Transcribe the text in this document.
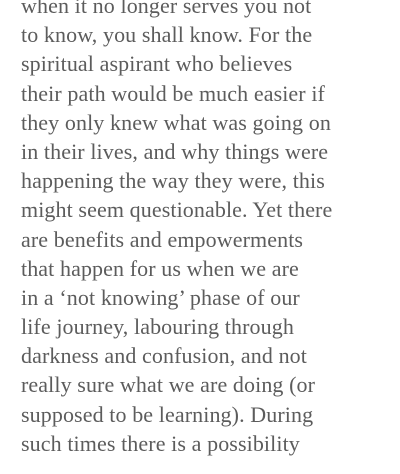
when it no longer serves you not
to know, you shall know. For the
spiritual aspirant who believes
their path would be much easier if
they only knew what was going on
in their lives, and why things were
happening the way they were, this
might seem questionable. Yet there
are benefits and empowerments
that happen for us when we are
in a ‘not knowing’ phase of our
life journey, labouring through
darkness and confusion, and not
really sure what we are doing (or
supposed to be learning). During
such times there is a possibility
